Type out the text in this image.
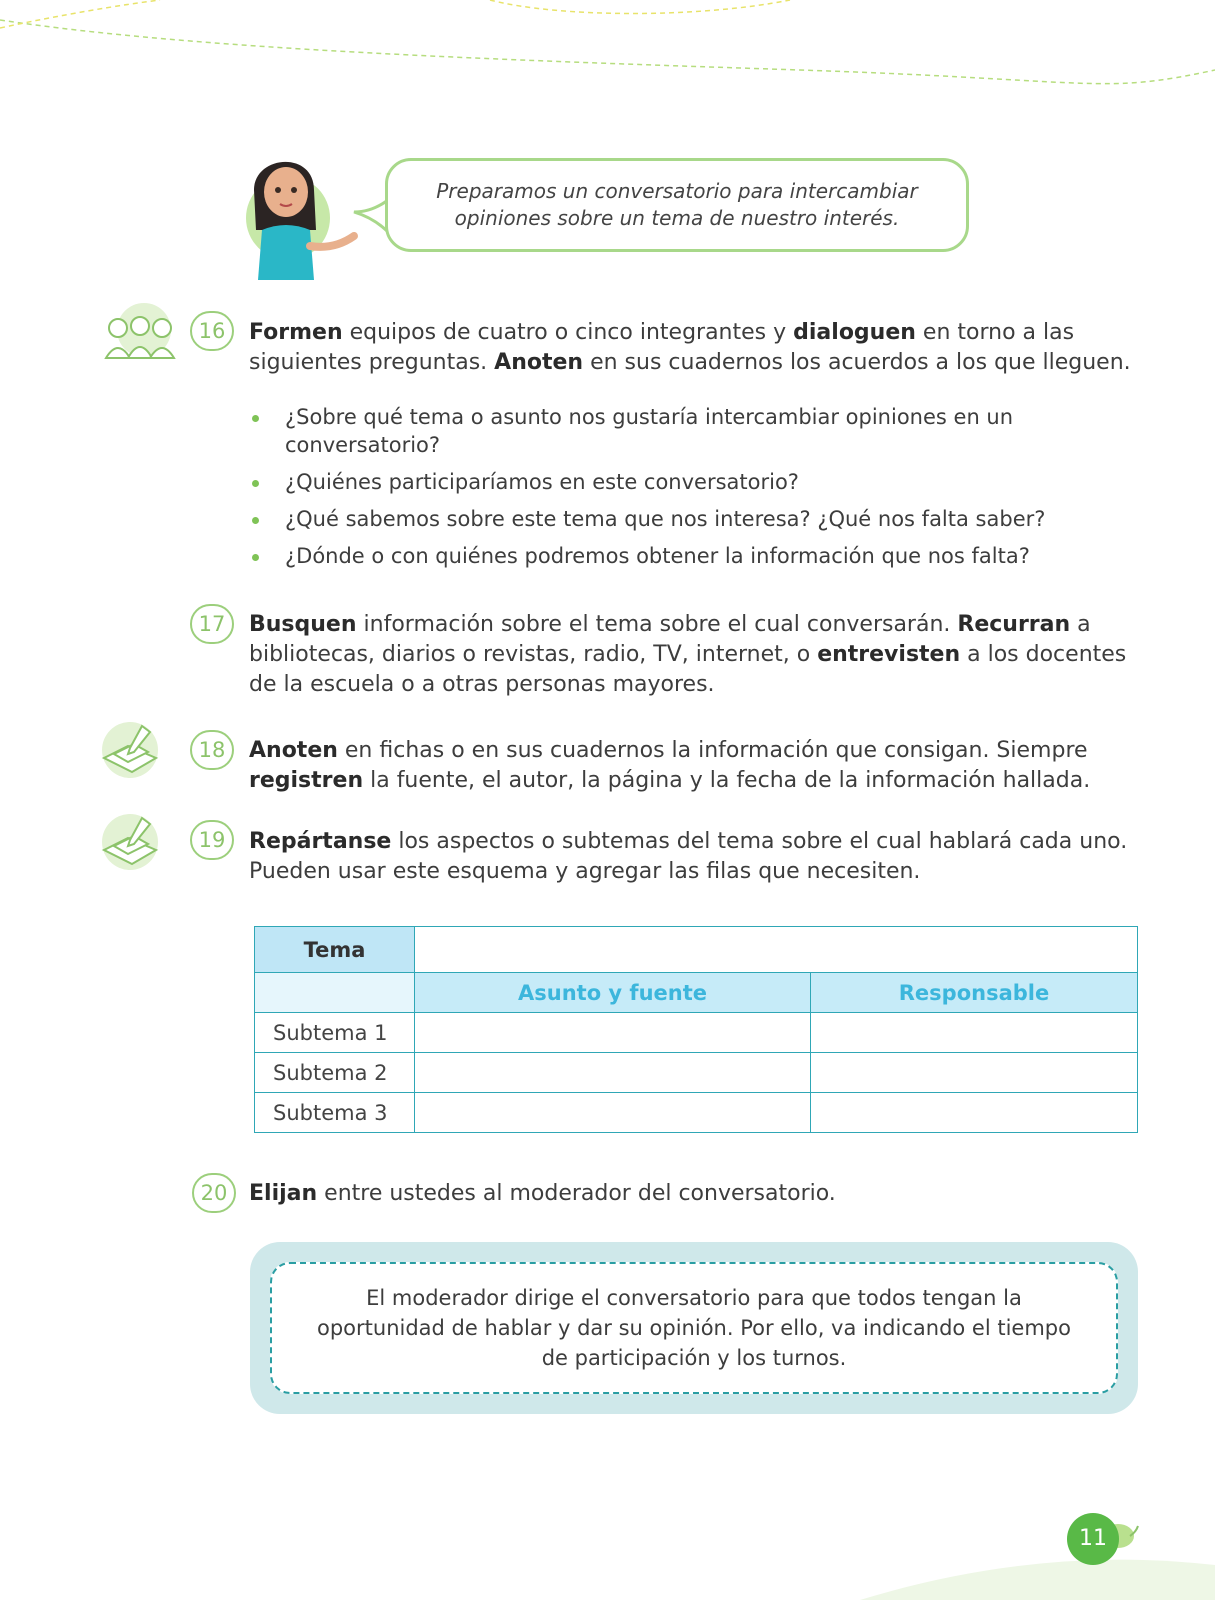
Preparamos un conversatorio para intercambiar opiniones sobre un tema de nuestro interés.
16	Formen equipos de cuatro o cinco integrantes y dialoguen en torno a las siguientes preguntas. Anoten en sus cuadernos los acuerdos a los que lleguen.
¿Sobre qué tema o asunto nos gustaría intercambiar opiniones en un conversatorio?
¿Quiénes participaríamos en este conversatorio?
¿Qué sabemos sobre este tema que nos interesa? ¿Qué nos falta saber?
¿Dónde o con quiénes podremos obtener la información que nos falta?
17	Busquen información sobre el tema sobre el cual conversarán. Recurran a bibliotecas, diarios o revistas, radio, TV, internet, o entrevisten a los docentes de la escuela o a otras personas mayores.
18	Anoten en fichas o en sus cuadernos la información que consigan. Siempre registren la fuente, el autor, la página y la fecha de la información hallada.
19	Repártanse los aspectos o subtemas del tema sobre el cual hablará cada uno. Pueden usar este esquema y agregar las filas que necesiten.
Tema		
	Asunto y fuente	Responsable
Subtema 1		
Subtema 2		
Subtema 3		
20 Elijan entre ustedes al moderador del conversatorio.
El moderador dirige el conversatorio para que todos tengan la oportunidad de hablar y dar su opinión. Por ello, va indicando el tiempo de participación y los turnos.
11
